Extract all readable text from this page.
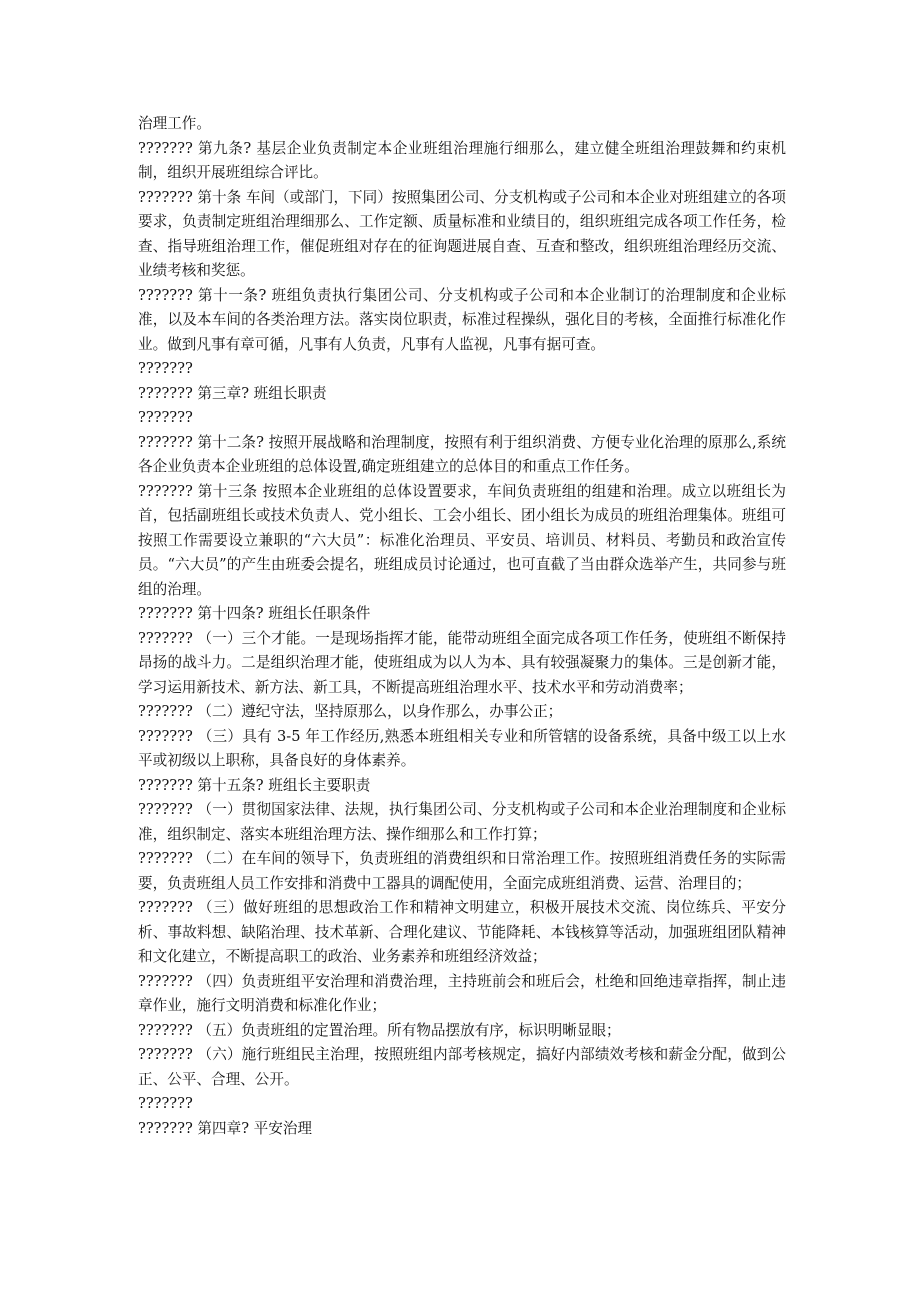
治理工作。

??????? 第九条? 基层企业负责制定本企业班组治理施行细那么，建立健全班组治理鼓舞和约束机制，组织开展班组综合评比。

??????? 第十条 车间（或部门，下同）按照集团公司、分支机构或子公司和本企业对班组建立的各项要求，负责制定班组治理细那么、工作定额、质量标准和业绩目的，组织班组完成各项工作任务，检查、指导班组治理工作，催促班组对存在的征询题进展自查、互查和整改，组织班组治理经历交流、业绩考核和奖惩。

??????? 第十一条? 班组负责执行集团公司、分支机构或子公司和本企业制订的治理制度和企业标准，以及本车间的各类治理方法。落实岗位职责，标准过程操纵，强化目的考核，全面推行标准化作业。做到凡事有章可循，凡事有人负责，凡事有人监视，凡事有据可查。

???????

??????? 第三章? 班组长职责

???????

??????? 第十二条? 按照开展战略和治理制度，按照有利于组织消费、方便专业化治理的原那么,系统各企业负责本企业班组的总体设置,确定班组建立的总体目的和重点工作任务。

??????? 第十三条 按照本企业班组的总体设置要求，车间负责班组的组建和治理。成立以班组长为首，包括副班组长或技术负责人、党小组长、工会小组长、团小组长为成员的班组治理集体。班组可按照工作需要设立兼职的“六大员”：标准化治理员、平安员、培训员、材料员、考勤员和政治宣传员。“六大员”的产生由班委会提名，班组成员讨论通过，也可直截了当由群众选举产生，共同参与班组的治理。

??????? 第十四条? 班组长任职条件

??????? （一）三个才能。一是现场指挥才能，能带动班组全面完成各项工作任务，使班组不断保持昂扬的战斗力。二是组织治理才能，使班组成为以人为本、具有较强凝聚力的集体。三是创新才能，学习运用新技术、新方法、新工具，不断提高班组治理水平、技术水平和劳动消费率；

??????? （二）遵纪守法，坚持原那么，以身作那么，办事公正；

??????? （三）具有 3-5 年工作经历,熟悉本班组相关专业和所管辖的设备系统，具备中级工以上水平或初级以上职称，具备良好的身体素养。

??????? 第十五条? 班组长主要职责

??????? （一）贯彻国家法律、法规，执行集团公司、分支机构或子公司和本企业治理制度和企业标准，组织制定、落实本班组治理方法、操作细那么和工作打算；

??????? （二）在车间的领导下，负责班组的消费组织和日常治理工作。按照班组消费任务的实际需要，负责班组人员工作安排和消费中工器具的调配使用，全面完成班组消费、运营、治理目的；

??????? （三）做好班组的思想政治工作和精神文明建立，积极开展技术交流、岗位练兵、平安分析、事故料想、缺陷治理、技术革新、合理化建议、节能降耗、本钱核算等活动，加强班组团队精神和文化建立，不断提高职工的政治、业务素养和班组经济效益；

??????? （四）负责班组平安治理和消费治理，主持班前会和班后会，杜绝和回绝违章指挥，制止违章作业，施行文明消费和标准化作业；

??????? （五）负责班组的定置治理。所有物品摆放有序，标识明晰显眼；

??????? （六）施行班组民主治理，按照班组内部考核规定，搞好内部绩效考核和薪金分配，做到公正、公平、合理、公开。

???????

??????? 第四章? 平安治理
